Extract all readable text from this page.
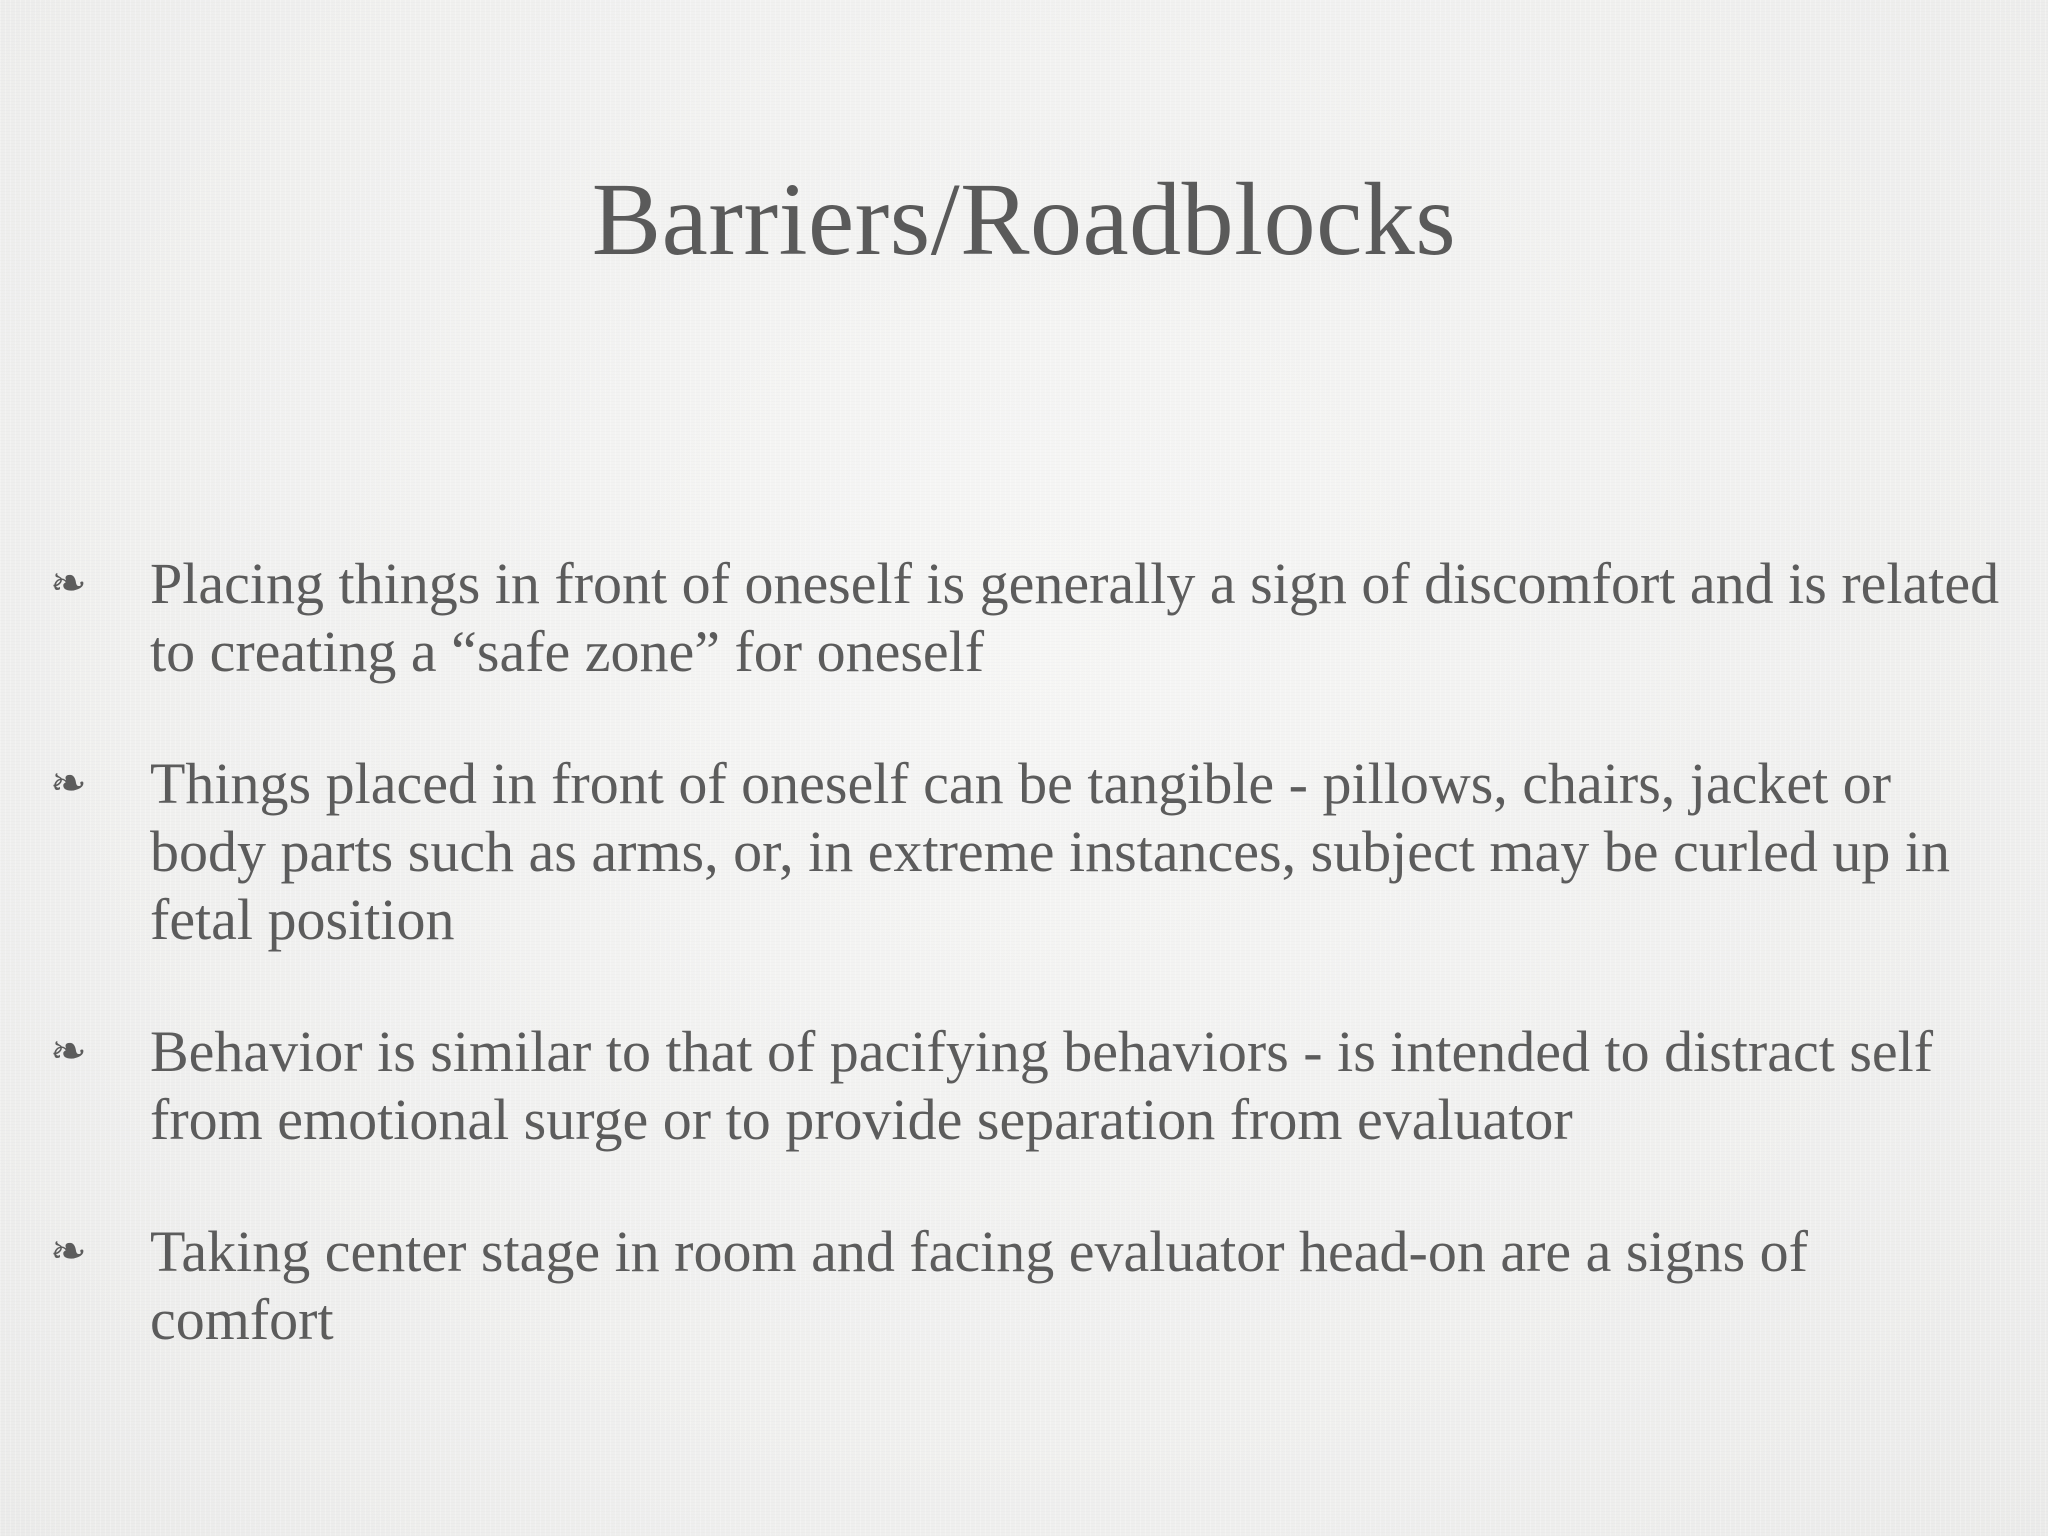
Barriers/Roadblocks
❧ Placing things in front of oneself is generally a sign of discomfort and is related to creating a “safe zone” for oneself
❧ Things placed in front of oneself can be tangible - pillows, chairs, jacket or body parts such as arms, or, in extreme instances, subject may be curled up in fetal position
❧ Behavior is similar to that of pacifying behaviors - is intended to distract self from emotional surge or to provide separation from evaluator
❧ Taking center stage in room and facing evaluator head-on are a signs of comfort
